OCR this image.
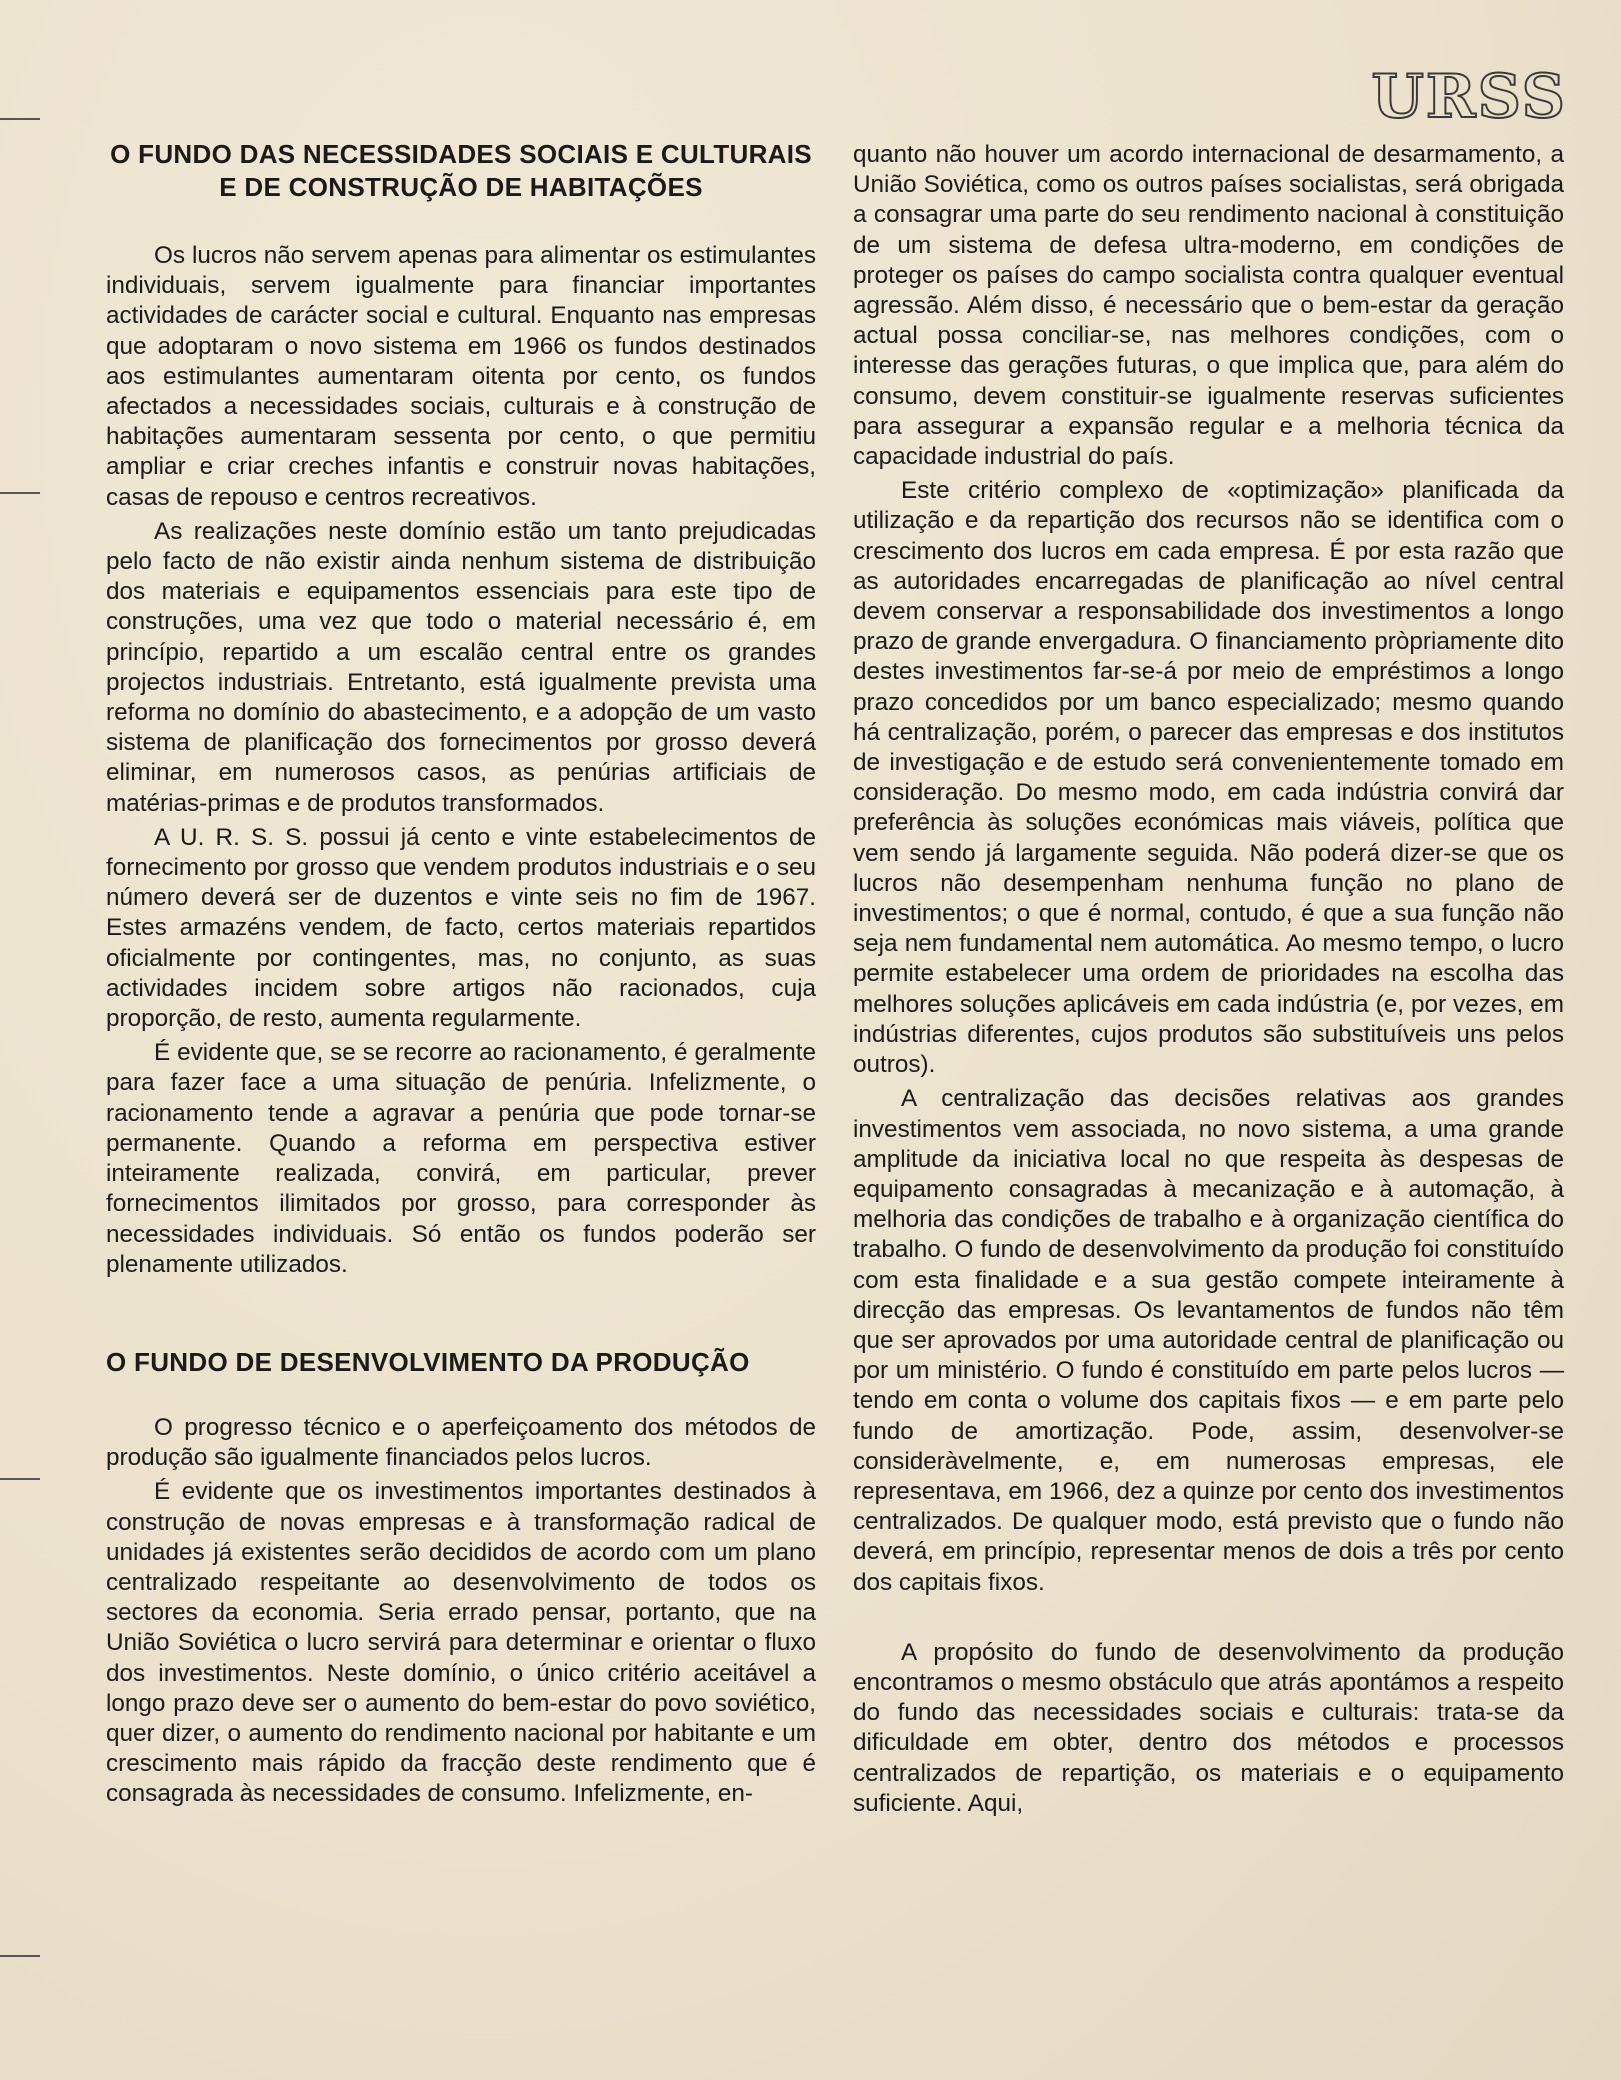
URSS
O FUNDO DAS NECESSIDADES SOCIAIS E CULTURAIS E DE CONSTRUÇÃO DE HABITAÇÕES

Os lucros não servem apenas para alimentar os estimulantes individuais, servem igualmente para financiar importantes actividades de carácter social e cultural. Enquanto nas empresas que adoptaram o novo sistema em 1966 os fundos destinados aos estimulantes aumentaram oitenta por cento, os fundos afectados a necessidades sociais, culturais e à construção de habitações aumentaram sessenta por cento, o que permitiu ampliar e criar creches infantis e construir novas habitações, casas de repouso e centros recreativos.

As realizações neste domínio estão um tanto prejudicadas pelo facto de não existir ainda nenhum sistema de distribuição dos materiais e equipamentos essenciais para este tipo de construções, uma vez que todo o material necessário é, em princípio, repartido a um escalão central entre os grandes projectos industriais. Entretanto, está igualmente prevista uma reforma no domínio do abastecimento, e a adopção de um vasto sistema de planificação dos fornecimentos por grosso deverá eliminar, em numerosos casos, as penúrias artificiais de matérias-primas e de produtos transformados.

A U. R. S. S. possui já cento e vinte estabelecimentos de fornecimento por grosso que vendem produtos industriais e o seu número deverá ser de duzentos e vinte seis no fim de 1967. Estes armazéns vendem, de facto, certos materiais repartidos oficialmente por contingentes, mas, no conjunto, as suas actividades incidem sobre artigos não racionados, cuja proporção, de resto, aumenta regularmente.

É evidente que, se se recorre ao racionamento, é geralmente para fazer face a uma situação de penúria. Infelizmente, o racionamento tende a agravar a penúria que pode tornar-se permanente. Quando a reforma em perspectiva estiver inteiramente realizada, convirá, em particular, prever fornecimentos ilimitados por grosso, para corresponder às necessidades individuais. Só então os fundos poderão ser plenamente utilizados.

O FUNDO DE DESENVOLVIMENTO DA PRODUÇÃO

O progresso técnico e o aperfeiçoamento dos métodos de produção são igualmente financiados pelos lucros.

É evidente que os investimentos importantes destinados à construção de novas empresas e à transformação radical de unidades já existentes serão decididos de acordo com um plano centralizado respeitante ao desenvolvimento de todos os sectores da economia. Seria errado pensar, portanto, que na União Soviética o lucro servirá para determinar e orientar o fluxo dos investimentos. Neste domínio, o único critério aceitável a longo prazo deve ser o aumento do bem-estar do povo soviético, quer dizer, o aumento do rendimento nacional por habitante e um crescimento mais rápido da fracção deste rendimento que é consagrada às necessidades de consumo. Infelizmente, en-

quanto não houver um acordo internacional de desarmamento, a União Soviética, como os outros países socialistas, será obrigada a consagrar uma parte do seu rendimento nacional à constituição de um sistema de defesa ultra-moderno, em condições de proteger os países do campo socialista contra qualquer eventual agressão. Além disso, é necessário que o bem-estar da geração actual possa conciliar-se, nas melhores condições, com o interesse das gerações futuras, o que implica que, para além do consumo, devem constituir-se igualmente reservas suficientes para assegurar a expansão regular e a melhoria técnica da capacidade industrial do país.

Este critério complexo de «optimização» planificada da utilização e da repartição dos recursos não se identifica com o crescimento dos lucros em cada empresa. É por esta razão que as autoridades encarregadas de planificação ao nível central devem conservar a responsabilidade dos investimentos a longo prazo de grande envergadura. O financiamento pròpriamente dito destes investimentos far-se-á por meio de empréstimos a longo prazo concedidos por um banco especializado; mesmo quando há centralização, porém, o parecer das empresas e dos institutos de investigação e de estudo será convenientemente tomado em consideração. Do mesmo modo, em cada indústria convirá dar preferência às soluções económicas mais viáveis, política que vem sendo já largamente seguida. Não poderá dizer-se que os lucros não desempenham nenhuma função no plano de investimentos; o que é normal, contudo, é que a sua função não seja nem fundamental nem automática. Ao mesmo tempo, o lucro permite estabelecer uma ordem de prioridades na escolha das melhores soluções aplicáveis em cada indústria (e, por vezes, em indústrias diferentes, cujos produtos são substituíveis uns pelos outros).

A centralização das decisões relativas aos grandes investimentos vem associada, no novo sistema, a uma grande amplitude da iniciativa local no que respeita às despesas de equipamento consagradas à mecanização e à automação, à melhoria das condições de trabalho e à organização científica do trabalho. O fundo de desenvolvimento da produção foi constituído com esta finalidade e a sua gestão compete inteiramente à direcção das empresas. Os levantamentos de fundos não têm que ser aprovados por uma autoridade central de planificação ou por um ministério. O fundo é constituído em parte pelos lucros — tendo em conta o volume dos capitais fixos — e em parte pelo fundo de amortização. Pode, assim, desenvolver-se consideràvelmente, e, em numerosas empresas, ele representava, em 1966, dez a quinze por cento dos investimentos centralizados. De qualquer modo, está previsto que o fundo não deverá, em princípio, representar menos de dois a três por cento dos capitais fixos.

A propósito do fundo de desenvolvimento da produção encontramos o mesmo obstáculo que atrás apontámos a respeito do fundo das necessidades sociais e culturais: trata-se da dificuldade em obter, dentro dos métodos e processos centralizados de repartição, os materiais e o equipamento suficiente. Aqui,
